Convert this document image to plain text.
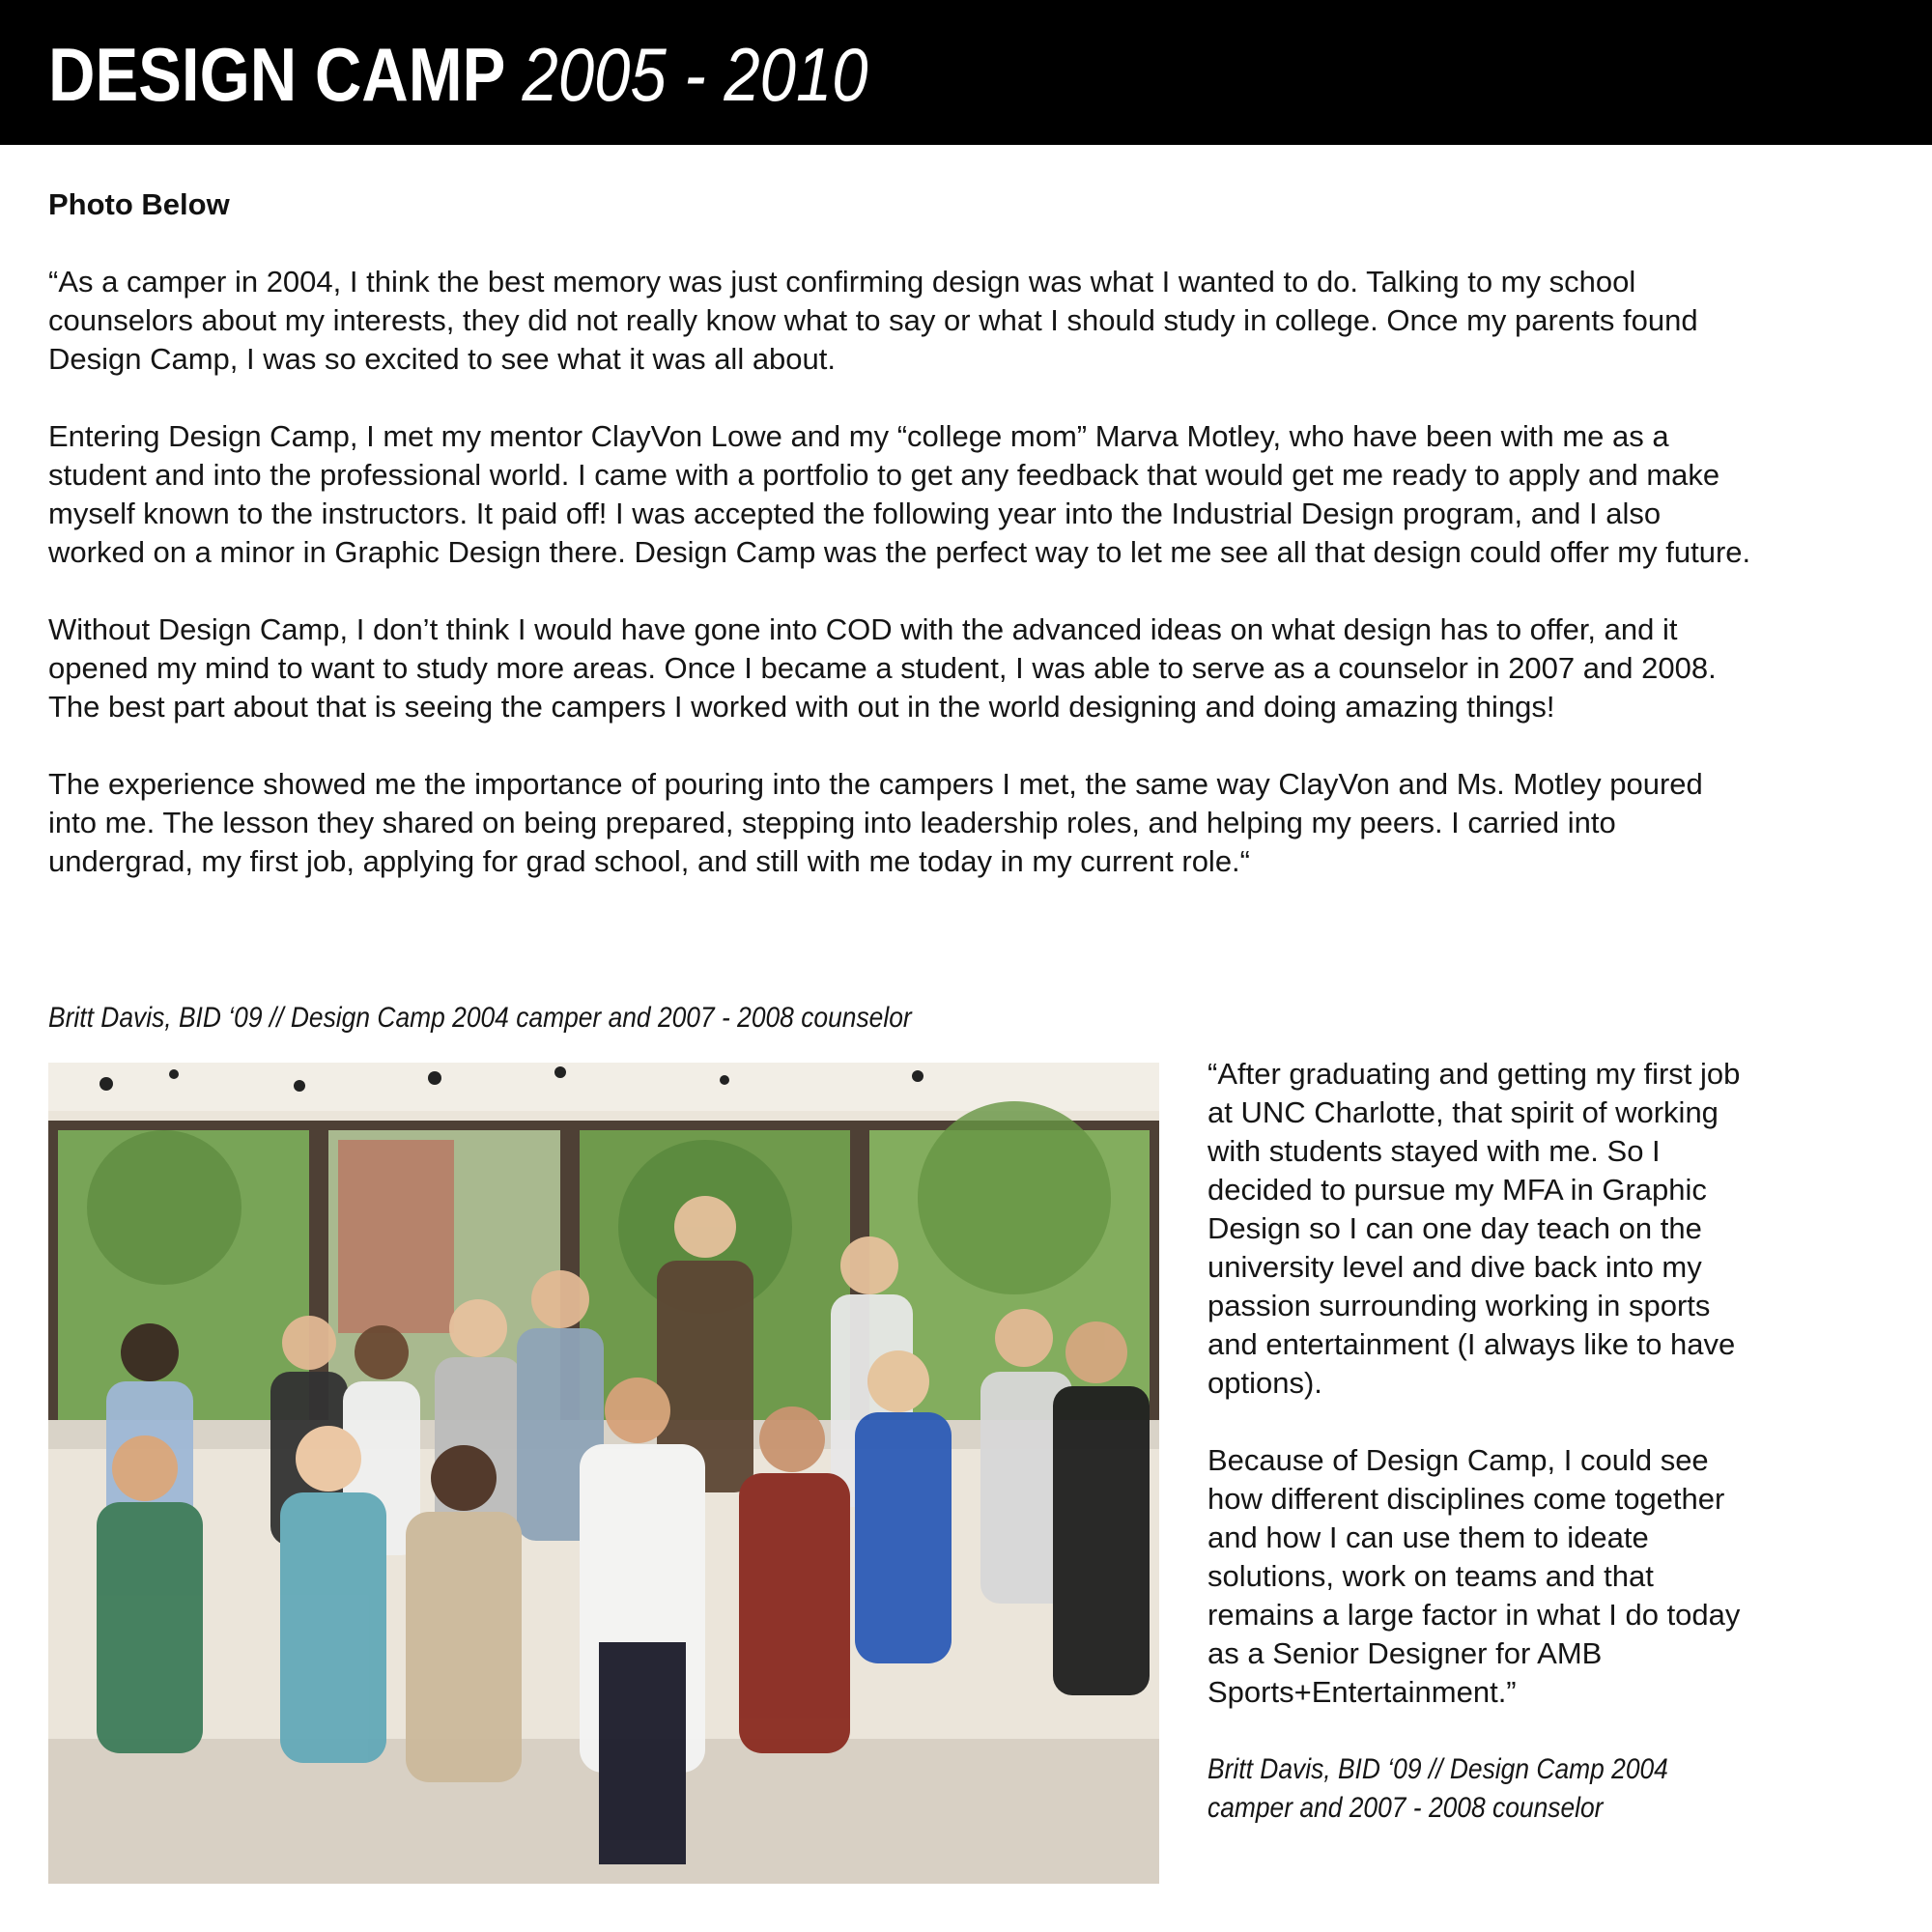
DESIGN CAMP 2005 - 2010
Photo Below

“As a camper in 2004, I think the best memory was just confirming design was what I wanted to do. Talking to my school counselors about my interests, they did not really know what to say or what I should study in college. Once my parents found Design Camp, I was so excited to see what it was all about.

Entering Design Camp, I met my mentor ClayVon Lowe and my “college mom” Marva Motley, who have been with me as a student and into the professional world. I came with a portfolio to get any feedback that would get me ready to apply and make myself known to the instructors. It paid off! I was accepted the following year into the Industrial Design program, and I also worked on a minor in Graphic Design there. Design Camp was the perfect way to let me see all that design could offer my future.

Without Design Camp, I don’t think I would have gone into COD with the advanced ideas on what design has to offer, and it opened my mind to want to study more areas. Once I became a student, I was able to serve as a counselor in 2007 and 2008. The best part about that is seeing the campers I worked with out in the world designing and doing amazing things!

The experience showed me the importance of pouring into the campers I met, the same way ClayVon and Ms. Motley poured into me. The lesson they shared on being prepared, stepping into leadership roles, and helping my peers. I carried into undergrad, my first job, applying for grad school, and still with me today in my current role.“

Britt Davis, BID ‘09 // Design Camp 2004 camper and 2007 - 2008 counselor

“After graduating and getting my first job at UNC Charlotte, that spirit of working with students stayed with me. So I decided to pursue my MFA in Graphic Design so I can one day teach on the university level and dive back into my passion surrounding working in sports and entertainment (I always like to have options).

Because of Design Camp, I could see how different disciplines come together and how I can use them to ideate solutions, work on teams and that remains a large factor in what I do today as a Senior Designer for AMB Sports+Entertainment.”

Britt Davis, BID ‘09 // Design Camp 2004
camper and 2007 - 2008 counselor
